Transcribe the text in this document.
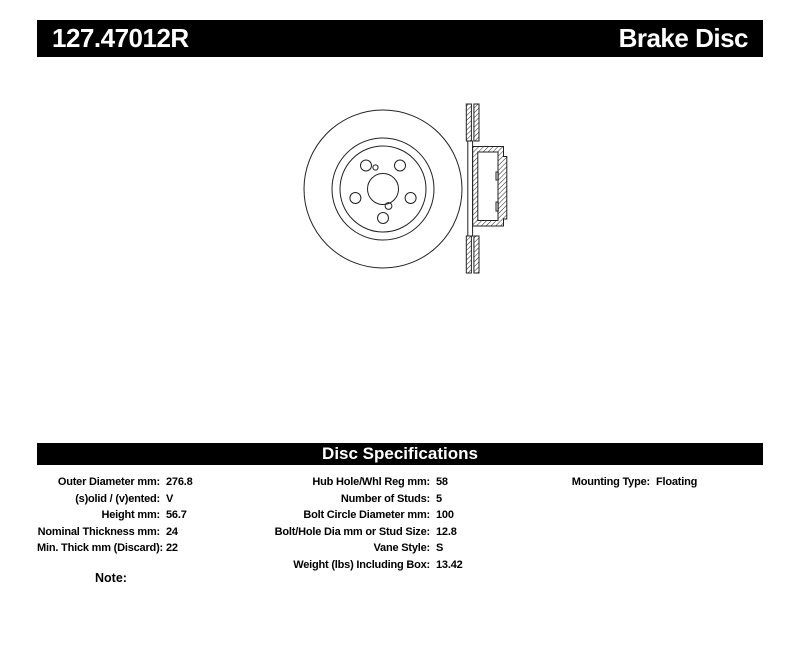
127.47012R	Brake Disc
Disc Specifications
Outer Diameter mm: 276.8
(s)olid / (v)ented: V
Height mm: 56.7
Nominal Thickness mm: 24
Min. Thick mm (Discard): 22
Hub Hole/Whl Reg mm: 58
Number of Studs: 5
Bolt Circle Diameter mm: 100
Bolt/Hole Dia mm or Stud Size: 12.8
Vane Style: S
Weight (lbs) Including Box: 13.42
Mounting Type: Floating
Note:
